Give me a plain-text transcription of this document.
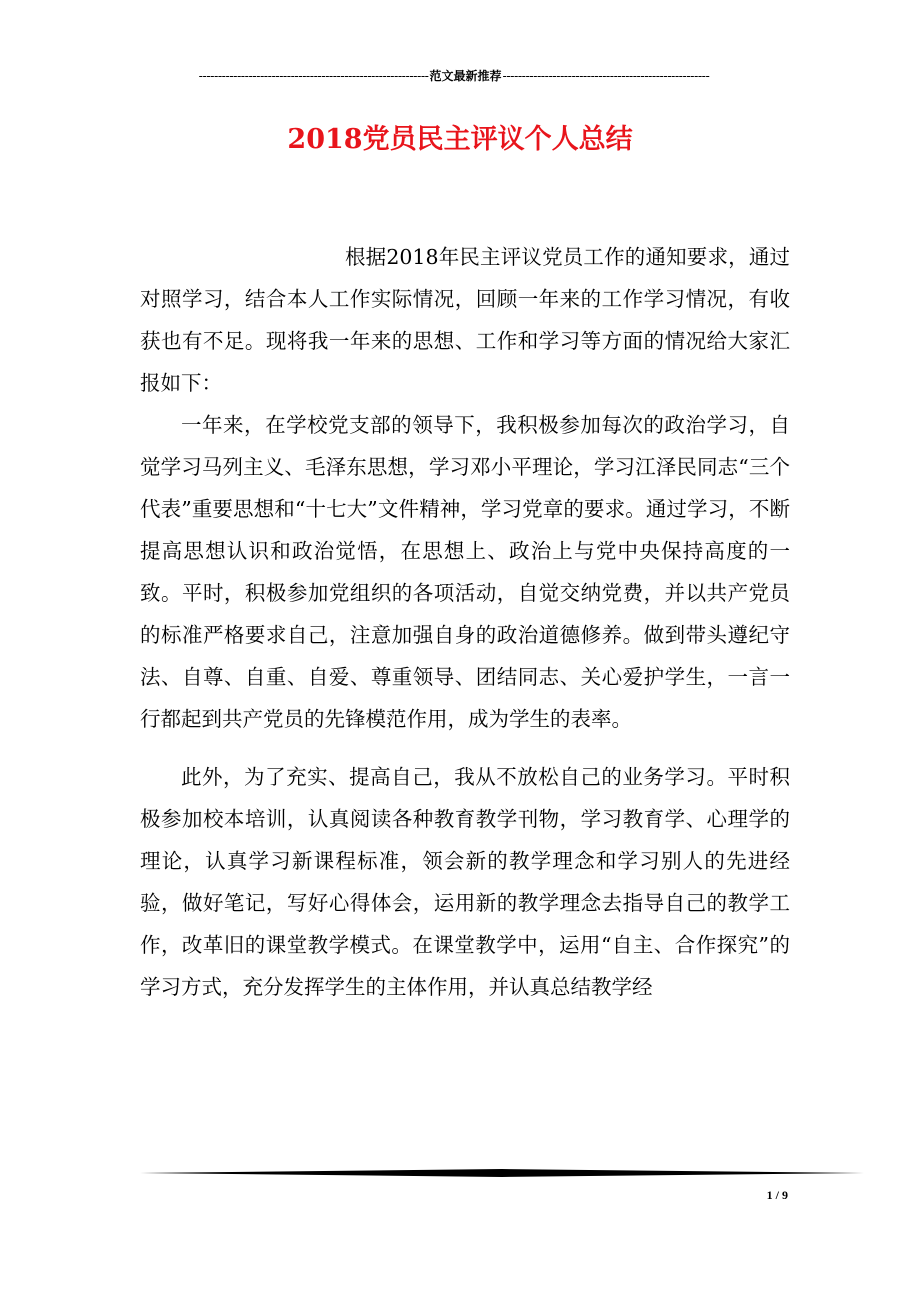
------------------------------------------------------------范文最新推荐------------------------------------------------------
2018党员民主评议个人总结

根据2018年民主评议党员工作的通知要求，通过对照学习，结合本人工作实际情况，回顾一年来的工作学习情况，有收获也有不足。现将我一年来的思想、工作和学习等方面的情况给大家汇报如下：

一年来，在学校党支部的领导下，我积极参加每次的政治学习，自觉学习马列主义、毛泽东思想，学习邓小平理论，学习江泽民同志“三个代表”重要思想和“十七大”文件精神，学习党章的要求。通过学习，不断提高思想认识和政治觉悟，在思想上、政治上与党中央保持高度的一致。平时，积极参加党组织的各项活动，自觉交纳党费，并以共产党员的标准严格要求自己，注意加强自身的政治道德修养。做到带头遵纪守法、自尊、自重、自爱、尊重领导、团结同志、关心爱护学生，一言一行都起到共产党员的先锋模范作用，成为学生的表率。

此外，为了充实、提高自己，我从不放松自己的业务学习。平时积极参加校本培训，认真阅读各种教育教学刊物，学习教育学、心理学的理论，认真学习新课程标准，领会新的教学理念和学习别人的先进经验，做好笔记，写好心得体会，运用新的教学理念去指导自己的教学工作，改革旧的课堂教学模式。在课堂教学中，运用“自主、合作探究”的学习方式，充分发挥学生的主体作用，并认真总结教学经

1 / 9
